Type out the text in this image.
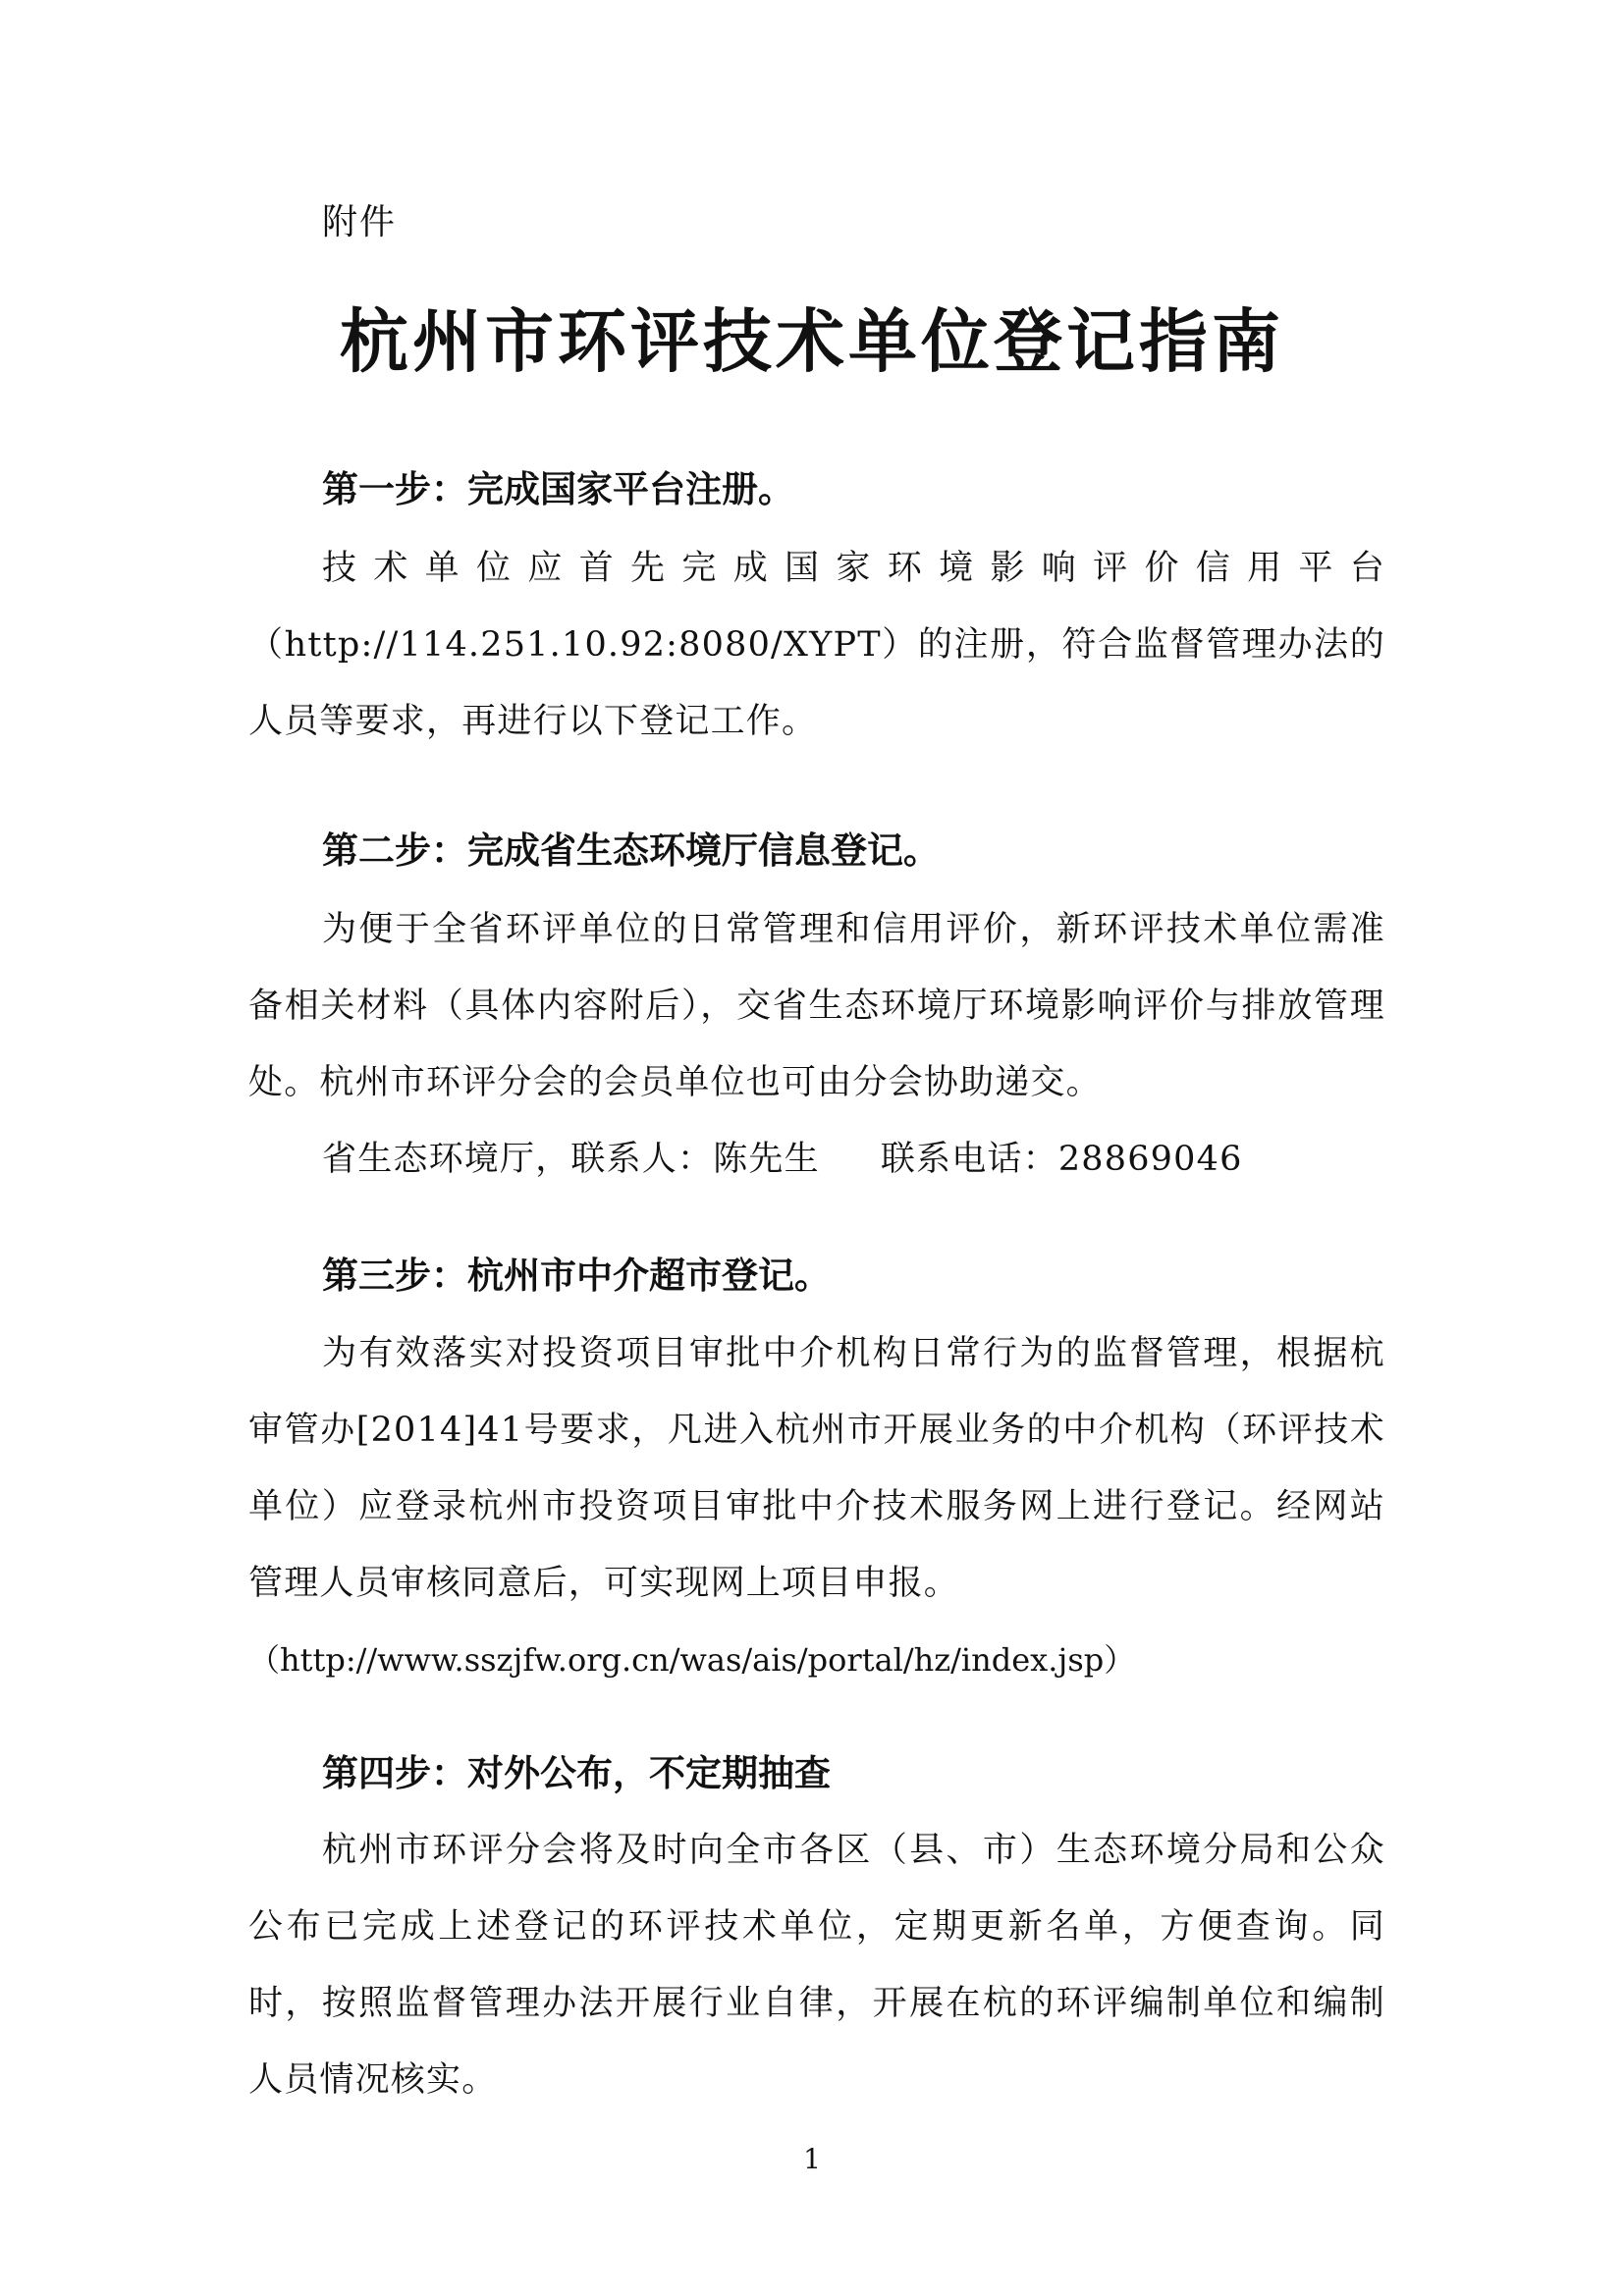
附件
杭州市环评技术单位登记指南

第一步：完成国家平台注册。

技术单位应首先完成国家环境影响评价信用平台（http://114.251.10.92:8080/XYPT）的注册，符合监督管理办法的人员等要求，再进行以下登记工作。

第二步：完成省生态环境厅信息登记。

为便于全省环评单位的日常管理和信用评价，新环评技术单位需准备相关材料（具体内容附后），交省生态环境厅环境影响评价与排放管理处。杭州市环评分会的会员单位也可由分会协助递交。

省生态环境厅，联系人：陈先生 联系电话：28869046

第三步：杭州市中介超市登记。

为有效落实对投资项目审批中介机构日常行为的监督管理，根据杭审管办[2014]41号要求，凡进入杭州市开展业务的中介机构（环评技术单位）应登录杭州市投资项目审批中介技术服务网上进行登记。经网站管理人员审核同意后，可实现网上项目申报。

（http://www.sszjfw.org.cn/was/ais/portal/hz/index.jsp）

第四步：对外公布，不定期抽查

杭州市环评分会将及时向全市各区（县、市）生态环境分局和公众公布已完成上述登记的环评技术单位，定期更新名单，方便查询。同时，按照监督管理办法开展行业自律，开展在杭的环评编制单位和编制人员情况核实。

1
